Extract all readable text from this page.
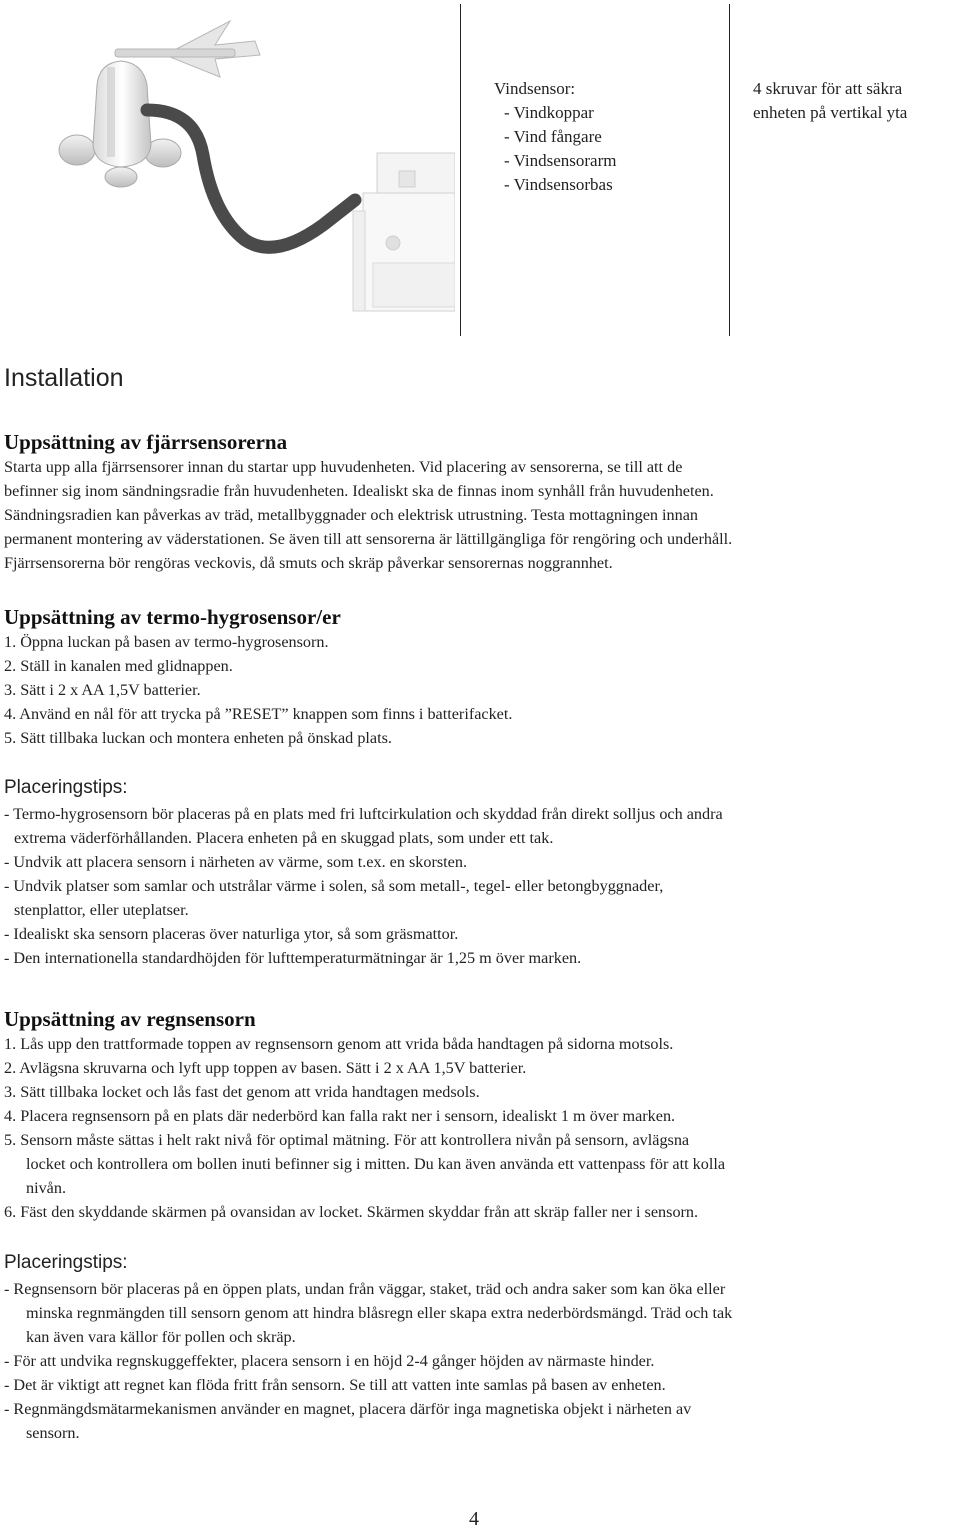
Vindsensor:
- Vindkoppar
- Vind fångare
- Vindsensorarm
- Vindsensorbas
4 skruvar för att säkra
enheten på vertikal yta
Installation
Uppsättning av fjärrsensorerna
Starta upp alla fjärrsensorer innan du startar upp huvudenheten. Vid placering av sensorerna, se till att de
befinner sig inom sändningsradie från huvudenheten. Idealiskt ska de finnas inom synhåll från huvudenheten.
Sändningsradien kan påverkas av träd, metallbyggnader och elektrisk utrustning. Testa mottagningen innan
permanent montering av väderstationen. Se även till att sensorerna är lättillgängliga för rengöring och underhåll.
Fjärrsensorerna bör rengöras veckovis, då smuts och skräp påverkar sensorernas noggrannhet.
Uppsättning av termo-hygrosensor/er
1. Öppna luckan på basen av termo-hygrosensorn.
2. Ställ in kanalen med glidnappen.
3. Sätt i 2 x AA 1,5V batterier.
4. Använd en nål för att trycka på ”RESET” knappen som finns i batterifacket.
5. Sätt tillbaka luckan och montera enheten på önskad plats.
Placeringstips:
- Termo-hygrosensorn bör placeras på en plats med fri luftcirkulation och skyddad från direkt solljus och andra
extrema väderförhållanden. Placera enheten på en skuggad plats, som under ett tak.
- Undvik att placera sensorn i närheten av värme, som t.ex. en skorsten.
- Undvik platser som samlar och utstrålar värme i solen, så som metall-, tegel- eller betongbyggnader,
stenplattor, eller uteplatser.
- Idealiskt ska sensorn placeras över naturliga ytor, så som gräsmattor.
- Den internationella standardhöjden för lufttemperaturmätningar är 1,25 m över marken.
Uppsättning av regnsensorn
1. Lås upp den trattformade toppen av regnsensorn genom att vrida båda handtagen på sidorna motsols.
2. Avlägsna skruvarna och lyft upp toppen av basen. Sätt i 2 x AA 1,5V batterier.
3. Sätt tillbaka locket och lås fast det genom att vrida handtagen medsols.
4. Placera regnsensorn på en plats där nederbörd kan falla rakt ner i sensorn, idealiskt 1 m över marken.
5. Sensorn måste sättas i helt rakt nivå för optimal mätning. För att kontrollera nivån på sensorn, avlägsna
locket och kontrollera om bollen inuti befinner sig i mitten. Du kan även använda ett vattenpass för att kolla
nivån.
6. Fäst den skyddande skärmen på ovansidan av locket. Skärmen skyddar från att skräp faller ner i sensorn.
Placeringstips:
- Regnsensorn bör placeras på en öppen plats, undan från väggar, staket, träd och andra saker som kan öka eller
minska regnmängden till sensorn genom att hindra blåsregn eller skapa extra nederbördsmängd. Träd och tak
kan även vara källor för pollen och skräp.
- För att undvika regnskuggeffekter, placera sensorn i en höjd 2-4 gånger höjden av närmaste hinder.
- Det är viktigt att regnet kan flöda fritt från sensorn. Se till att vatten inte samlas på basen av enheten.
- Regnmängdsmätarmekanismen använder en magnet, placera därför inga magnetiska objekt i närheten av
sensorn.
4
